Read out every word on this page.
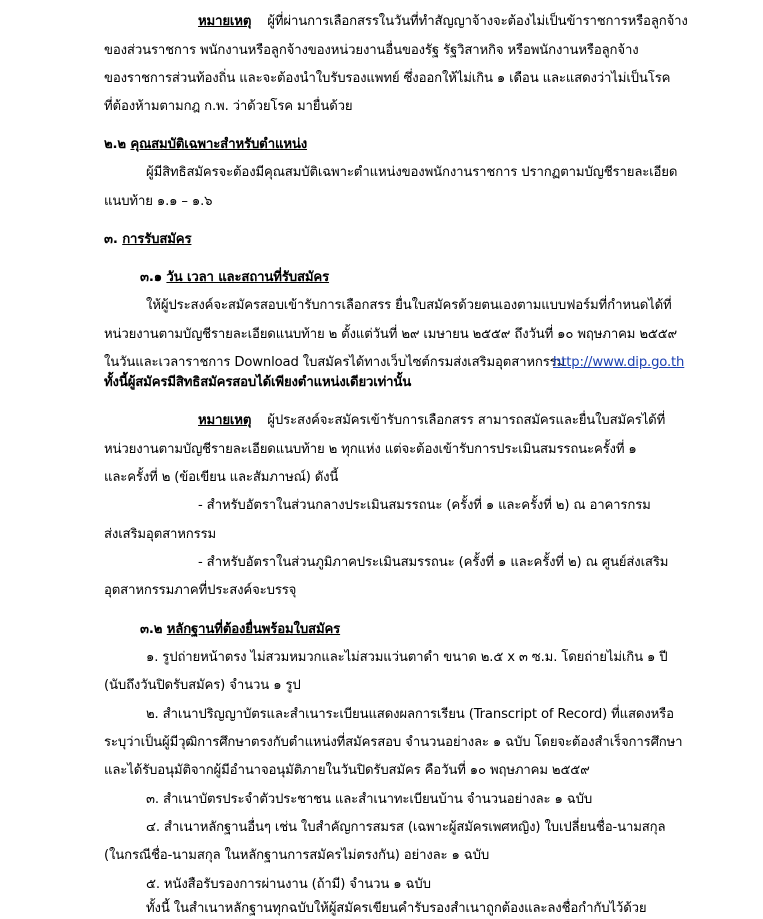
หมายเหตุ ผู้ที่ผ่านการเลือกสรรในวันที่ทำสัญญาจ้างจะต้องไม่เป็นข้าราชการหรือลูกจ้าง
ของส่วนราชการ พนักงานหรือลูกจ้างของหน่วยงานอื่นของรัฐ รัฐวิสาหกิจ หรือพนักงานหรือลูกจ้าง
ของราชการส่วนท้องถิ่น และจะต้องนำใบรับรองแพทย์ ซึ่งออกให้ไม่เกิน ๑ เดือน และแสดงว่าไม่เป็นโรค
ที่ต้องห้ามตามกฎ ก.พ. ว่าด้วยโรค มายื่นด้วย
๒.๒ คุณสมบัติเฉพาะสำหรับตำแหน่ง
ผู้มีสิทธิสมัครจะต้องมีคุณสมบัติเฉพาะตำแหน่งของพนักงานราชการ ปรากฏตามบัญชีรายละเอียด
แนบท้าย ๑.๑ – ๑.๖
๓. การรับสมัคร
๓.๑ วัน เวลา และสถานที่รับสมัคร
ให้ผู้ประสงค์จะสมัครสอบเข้ารับการเลือกสรร ยื่นใบสมัครด้วยตนเองตามแบบฟอร์มที่กำหนดได้ที่
หน่วยงานตามบัญชีรายละเอียดแนบท้าย ๒ ตั้งแต่วันที่ ๒๙ เมษายน ๒๕๕๙ ถึงวันที่ ๑๐ พฤษภาคม ๒๕๕๙
ในวันและเวลาราชการ Download ใบสมัครได้ทางเว็บไซต์กรมส่งเสริมอุตสาหกรรม
http://www.dip.go.th
ทั้งนี้ผู้สมัครมีสิทธิสมัครสอบได้เพียงตำแหน่งเดียวเท่านั้น
หมายเหตุ ผู้ประสงค์จะสมัครเข้ารับการเลือกสรร สามารถสมัครและยื่นใบสมัครได้ที่
หน่วยงานตามบัญชีรายละเอียดแนบท้าย ๒ ทุกแห่ง แต่จะต้องเข้ารับการประเมินสมรรถนะครั้งที่ ๑
และครั้งที่ ๒ (ข้อเขียน และสัมภาษณ์) ดังนี้
- สำหรับอัตราในส่วนกลางประเมินสมรรถนะ (ครั้งที่ ๑ และครั้งที่ ๒) ณ อาคารกรม
ส่งเสริมอุตสาหกรรม
- สำหรับอัตราในส่วนภูมิภาคประเมินสมรรถนะ (ครั้งที่ ๑ และครั้งที่ ๒) ณ ศูนย์ส่งเสริม
อุตสาหกรรมภาคที่ประสงค์จะบรรจุ
๓.๒ หลักฐานที่ต้องยื่นพร้อมใบสมัคร
๑. รูปถ่ายหน้าตรง ไม่สวมหมวกและไม่สวมแว่นตาดำ ขนาด ๒.๕ x ๓ ซ.ม. โดยถ่ายไม่เกิน ๑ ปี
(นับถึงวันปิดรับสมัคร) จำนวน ๑ รูป
๒. สำเนาปริญญาบัตรและสำเนาระเบียนแสดงผลการเรียน (Transcript of Record) ที่แสดงหรือ
ระบุว่าเป็นผู้มีวุฒิการศึกษาตรงกับตำแหน่งที่สมัครสอบ จำนวนอย่างละ ๑ ฉบับ โดยจะต้องสำเร็จการศึกษา
และได้รับอนุมัติจากผู้มีอำนาจอนุมัติภายในวันปิดรับสมัคร คือวันที่ ๑๐ พฤษภาคม ๒๕๕๙
๓. สำเนาบัตรประจำตัวประชาชน และสำเนาทะเบียนบ้าน จำนวนอย่างละ ๑ ฉบับ
๔. สำเนาหลักฐานอื่นๆ เช่น ใบสำคัญการสมรส (เฉพาะผู้สมัครเพศหญิง) ใบเปลี่ยนชื่อ-นามสกุล
(ในกรณีชื่อ-นามสกุล ในหลักฐานการสมัครไม่ตรงกัน) อย่างละ ๑ ฉบับ
๕. หนังสือรับรองการผ่านงาน (ถ้ามี) จำนวน ๑ ฉบับ
ทั้งนี้ ในสำเนาหลักฐานทุกฉบับให้ผู้สมัครเขียนคำรับรองสำเนาถูกต้องและลงชื่อกำกับไว้ด้วย
